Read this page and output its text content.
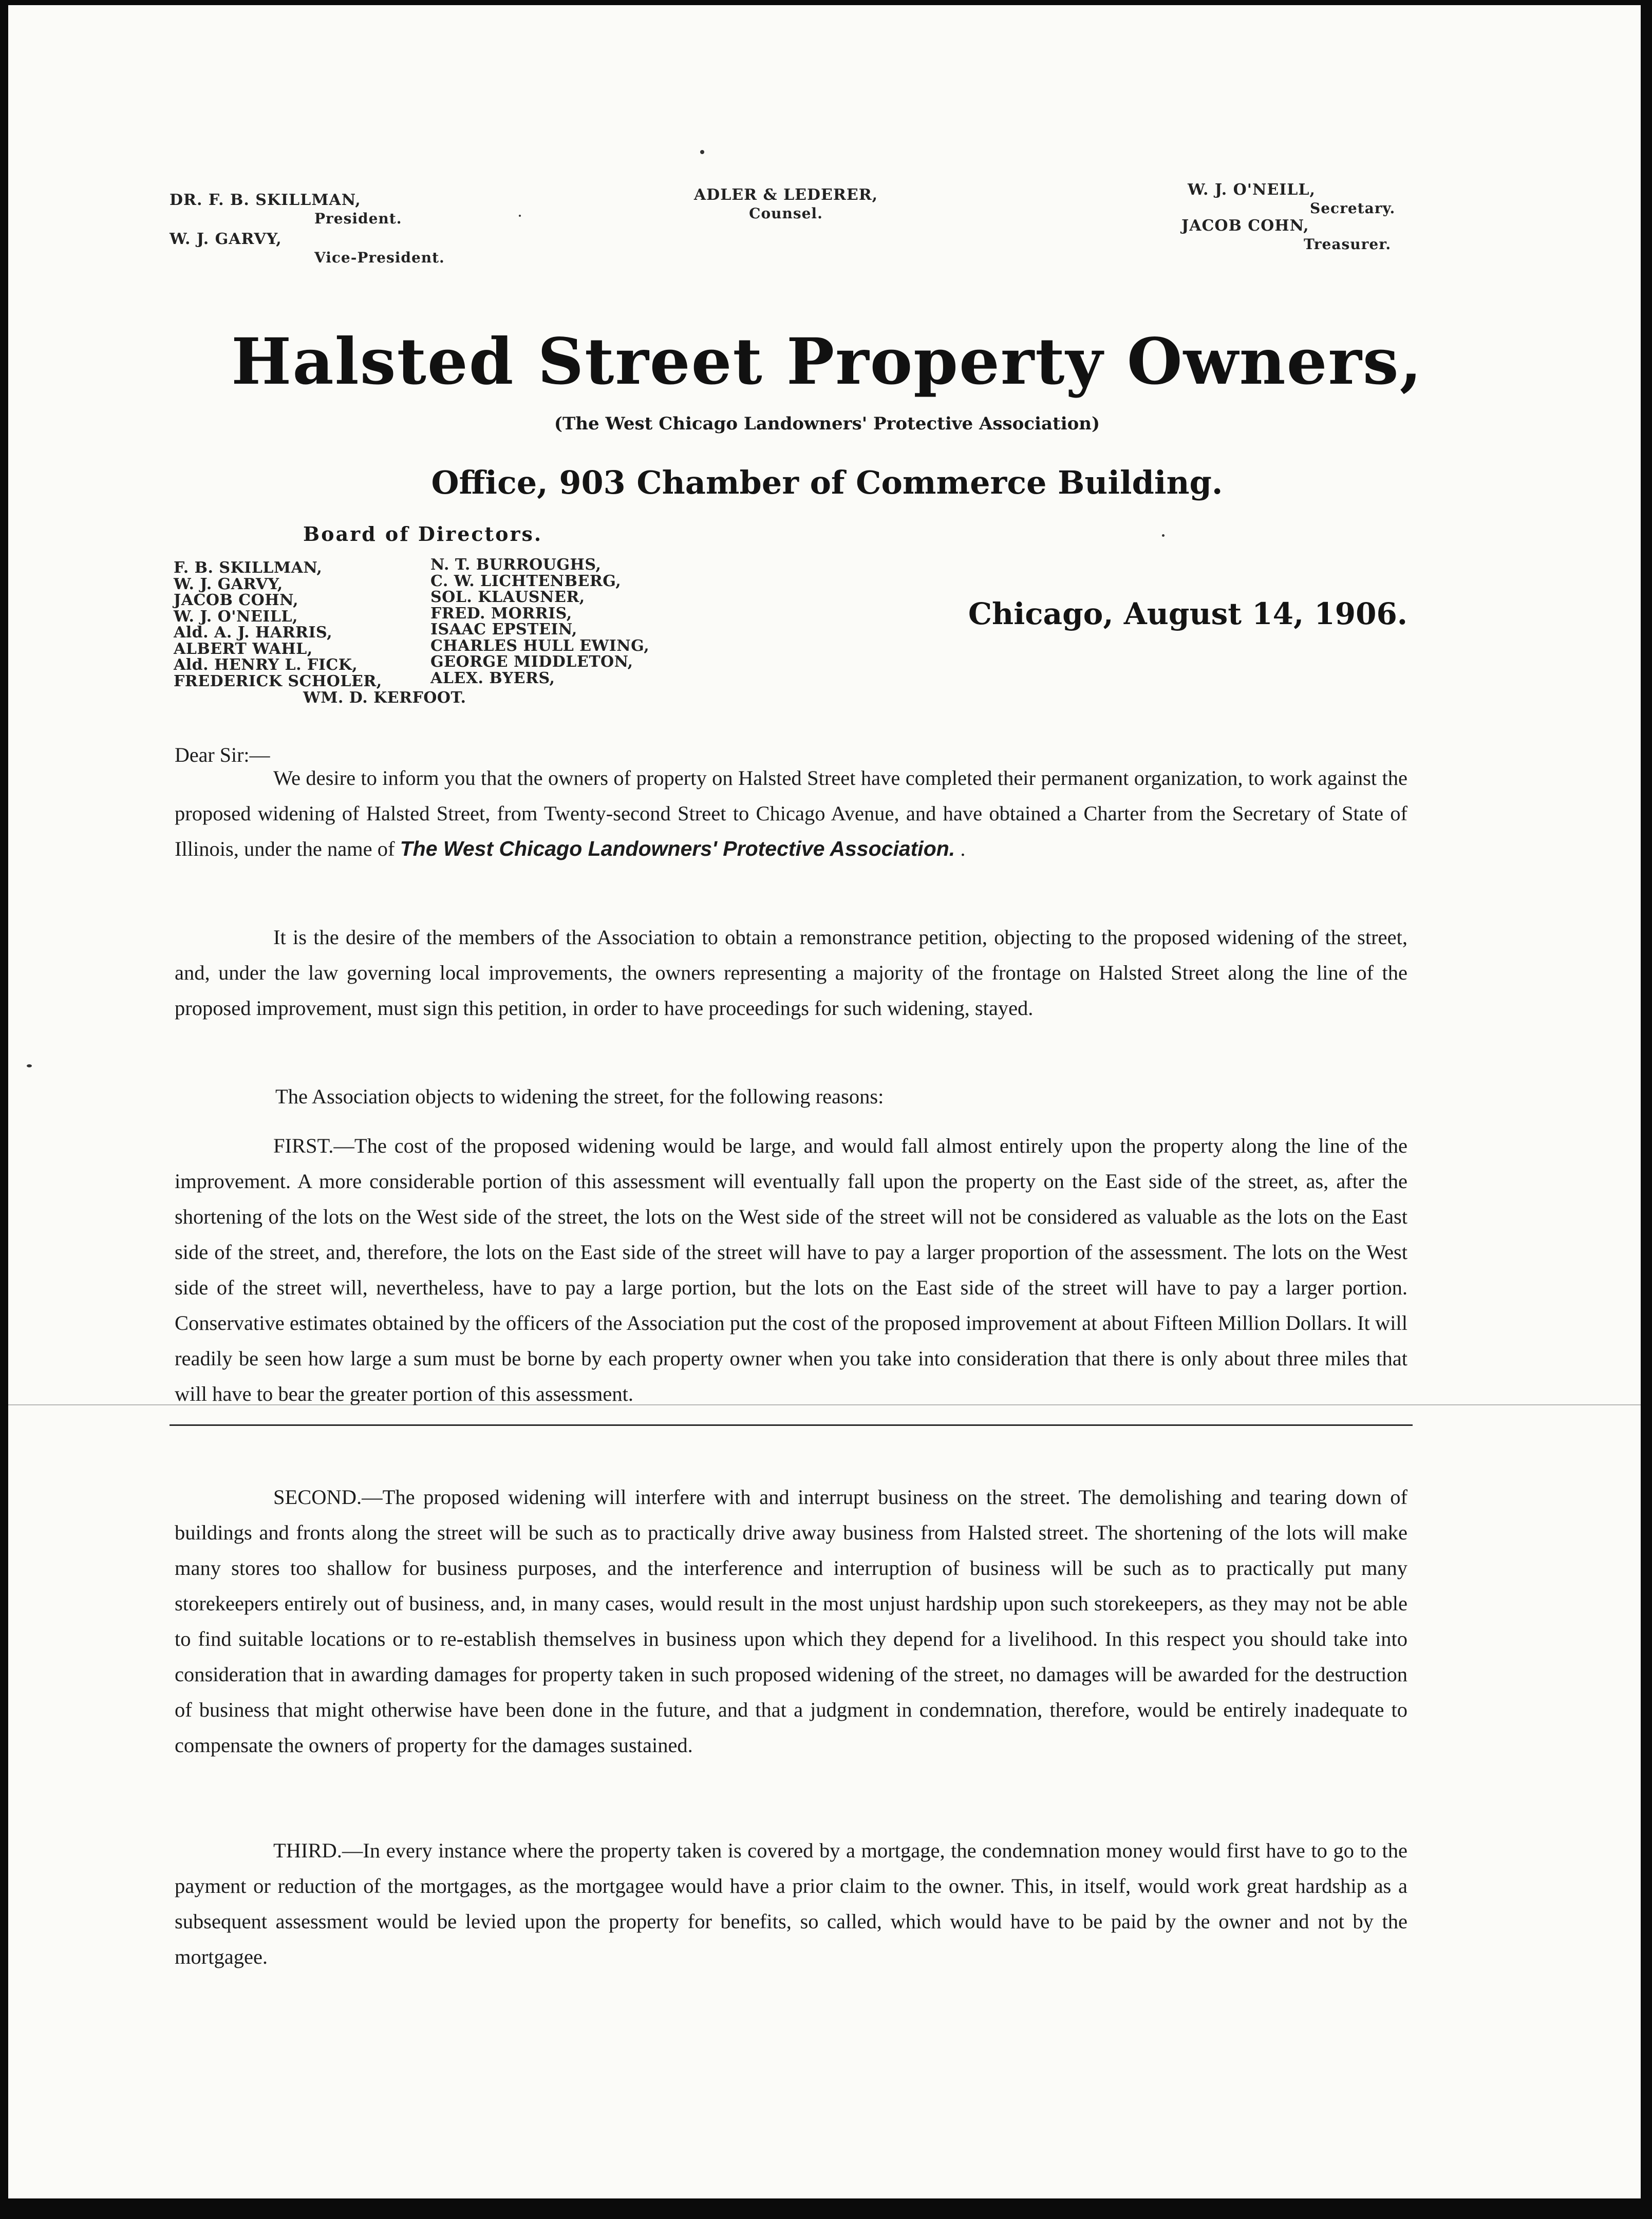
DR. F. B. SKILLMAN,
President.
W. J. GARVY,
Vice-President.
ADLER & LEDERER,
Counsel.
W. J. O'NEILL,
Secretary.
JACOB COHN,
Treasurer.
Halsted Street Property Owners,
(The West Chicago Landowners' Protective Association)
Office, 903 Chamber of Commerce Building.
Board of Directors.
F. B. SKILLMAN,
W. J. GARVY,
JACOB COHN,
W. J. O'NEILL,
Ald. A. J. HARRIS,
ALBERT WAHL,
Ald. HENRY L. FICK,
FREDERICK SCHOLER,
N. T. BURROUGHS,
C. W. LICHTENBERG,
SOL. KLAUSNER,
FRED. MORRIS,
ISAAC EPSTEIN,
CHARLES HULL EWING,
GEORGE MIDDLETON,
ALEX. BYERS,
WM. D. KERFOOT.
Chicago, August 14, 1906.
Dear Sir:—

We desire to inform you that the owners of property on Halsted Street have completed their permanent organization, to work against the proposed widening of Halsted Street, from Twenty-second Street to Chicago Avenue, and have obtained a Charter from the Secretary of State of Illinois, under the name of The West Chicago Landowners' Protective Association. .

It is the desire of the members of the Association to obtain a remonstrance petition, objecting to the proposed widening of the street, and, under the law governing local improvements, the owners representing a majority of the frontage on Halsted Street along the line of the proposed improvement, must sign this petition, in order to have proceedings for such widening, stayed.

The Association objects to widening the street, for the following reasons:

FIRST.—The cost of the proposed widening would be large, and would fall almost entirely upon the property along the line of the improvement. A more considerable portion of this assessment will eventually fall upon the property on the East side of the street, as, after the shortening of the lots on the West side of the street, the lots on the West side of the street will not be considered as valuable as the lots on the East side of the street, and, therefore, the lots on the East side of the street will have to pay a larger proportion of the assessment. The lots on the West side of the street will, nevertheless, have to pay a large portion, but the lots on the East side of the street will have to pay a larger portion. Conservative estimates obtained by the officers of the Association put the cost of the proposed improvement at about Fifteen Million Dollars. It will readily be seen how large a sum must be borne by each property owner when you take into consideration that there is only about three miles that will have to bear the greater portion of this assessment.

SECOND.—The proposed widening will interfere with and interrupt business on the street. The demolishing and tearing down of buildings and fronts along the street will be such as to practically drive away business from Halsted street. The shortening of the lots will make many stores too shallow for business purposes, and the interference and interruption of business will be such as to practically put many storekeepers entirely out of business, and, in many cases, would result in the most unjust hardship upon such storekeepers, as they may not be able to find suitable locations or to re-establish themselves in business upon which they depend for a livelihood. In this respect you should take into consideration that in awarding damages for property taken in such proposed widening of the street, no damages will be awarded for the destruction of business that might otherwise have been done in the future, and that a judgment in condemnation, therefore, would be entirely inadequate to compensate the owners of property for the damages sustained.

THIRD.—In every instance where the property taken is covered by a mortgage, the condemnation money would first have to go to the payment or reduction of the mortgages, as the mortgagee would have a prior claim to the owner. This, in itself, would work great hardship as a subsequent assessment would be levied upon the property for benefits, so called, which would have to be paid by the owner and not by the mortgagee.
